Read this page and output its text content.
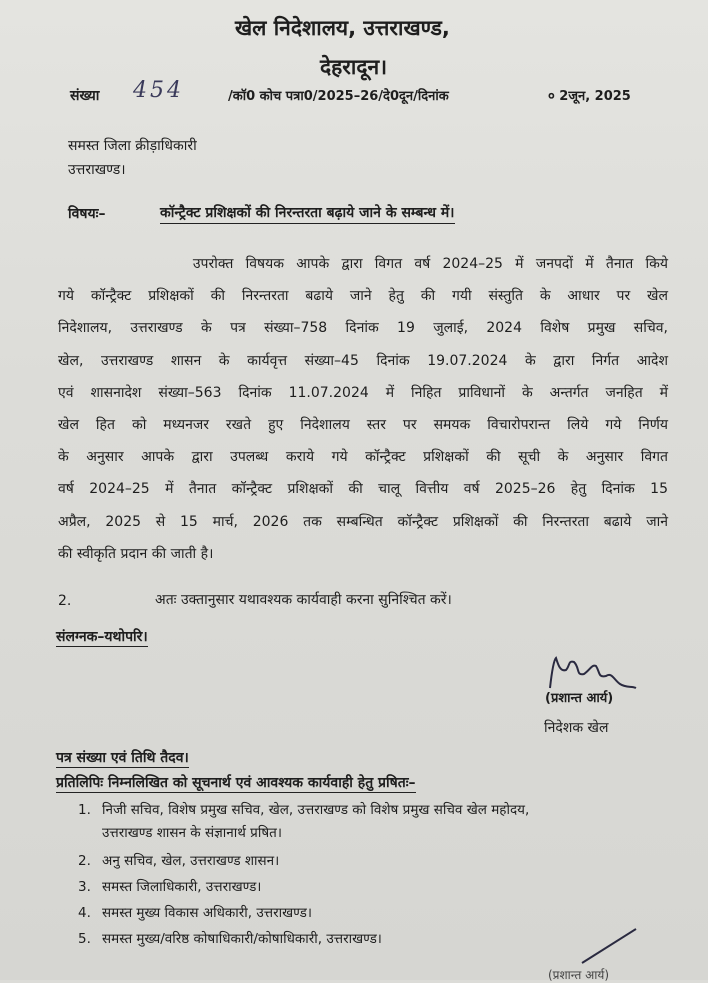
खेल निदेशालय, उत्तराखण्ड,
देहरादून।
संख्या 454	/कॉ0 कोच पत्रा0/2025–26/दे0दून/दिनांक	० 2जून, 2025
समस्त जिला क्रीड़ाधिकारी
उत्तराखण्ड।
विषयः–	कॉन्ट्रैक्ट प्रशिक्षकों की निरन्तरता बढ़ाये जाने के सम्बन्ध में।
उपरोक्त विषयक आपके द्वारा विगत वर्ष 2024–25 में जनपदों में तैनात किये
गये कॉन्ट्रैक्ट प्रशिक्षकों की निरन्तरता बढाये जाने हेतु की गयी संस्तुति के आधार पर खेल
निदेशालय, उत्तराखण्ड के पत्र संख्या–758 दिनांक 19 जुलाई, 2024 विशेष प्रमुख सचिव,
खेल, उत्तराखण्ड शासन के कार्यवृत्त संख्या–45 दिनांक 19.07.2024 के द्वारा निर्गत आदेश
एवं शासनादेश संख्या–563 दिनांक 11.07.2024 में निहित प्राविधानों के अन्तर्गत जनहित में
खेल हित को मध्यनजर रखते हुए निदेशालय स्तर पर समयक विचारोपरान्त लिये गये निर्णय
के अनुसार आपके द्वारा उपलब्ध कराये गये कॉन्ट्रैक्ट प्रशिक्षकों की सूची के अनुसार विगत
वर्ष 2024–25 में तैनात कॉन्ट्रैक्ट प्रशिक्षकों की चालू वित्तीय वर्ष 2025–26 हेतु दिनांक 15
अप्रैल, 2025 से 15 मार्च, 2026 तक सम्बन्धित कॉन्ट्रैक्ट प्रशिक्षकों की निरन्तरता बढाये जाने
की स्वीकृति प्रदान की जाती है।
2.	अतः उक्तानुसार यथावश्यक कार्यवाही करना सुनिश्चित करें।
संलग्नक–यथोपरि।
(प्रशान्त आर्य)
निदेशक खेल
पत्र संख्या एवं तिथि तैदव।
प्रतिलिपिः निम्नलिखित को सूचनार्थ एवं आवश्यक कार्यवाही हेतु प्रषितः–
1. निजी सचिव, विशेष प्रमुख सचिव, खेल, उत्तराखण्ड को विशेष प्रमुख सचिव खेल महोदय,
उत्तराखण्ड शासन के संज्ञानार्थ प्रषित।
2. अनु सचिव, खेल, उत्तराखण्ड शासन।
3. समस्त जिलाधिकारी, उत्तराखण्ड।
4. समस्त मुख्य विकास अधिकारी, उत्तराखण्ड।
5. समस्त मुख्य/वरिष्ठ कोषाधिकारी/कोषाधिकारी, उत्तराखण्ड।
(प्रशान्त आर्य)
